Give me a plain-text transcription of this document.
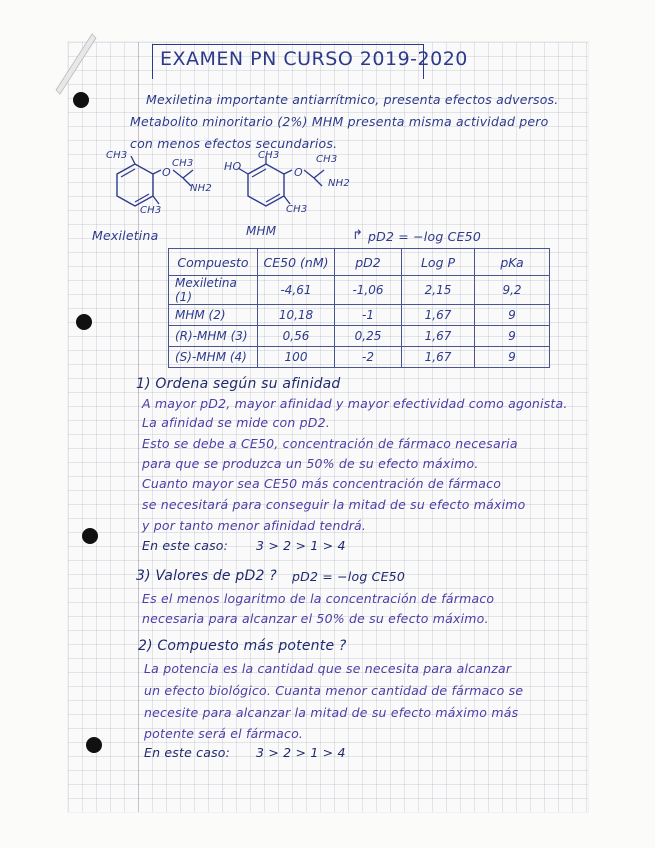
EXAMEN PN CURSO 2019-2020
Mexiletina importante antiarrítmico, presenta efectos adversos.
Metabolito minoritario (2%) MHM presenta misma actividad pero
con menos efectos secundarios.
CH3
CH3
O
NH2
CH3
Mexiletina
HO
CH3	CH3
O
NH2
CH3
MHM	↱ pD2 = −log CE50
Compuesto	CE50 (nM)	pD2	Log P	pKa
Mexiletina (1)	-4,61	-1,06	2,15	9,2
MHM (2)	10,18	-1	1,67	9
(R)-MHM (3)	0,56	0,25	1,67	9
(S)-MHM (4)	100	-2	1,67	9
1) Ordena según su afinidad
A mayor pD2, mayor afinidad y mayor efectividad como agonista.
La afinidad se mide con pD2.
Esto se debe a CE50, concentración de fármaco necesaria
para que se produzca un 50% de su efecto máximo.
Cuanto mayor sea CE50 más concentración de fármaco
se necesitará para conseguir la mitad de su efecto máximo
y por tanto menor afinidad tendrá.
En este caso: 3 > 2 > 1 > 4
3) Valores de pD2 ? pD2 = −log CE50
Es el menos logaritmo de la concentración de fármaco
necesaria para alcanzar el 50% de su efecto máximo.
2) Compuesto más potente ?
La potencia es la cantidad que se necesita para alcanzar
un efecto biológico. Cuanta menor cantidad de fármaco se
necesite para alcanzar la mitad de su efecto máximo más
potente será el fármaco.
En este caso: 3 > 2 > 1 > 4
